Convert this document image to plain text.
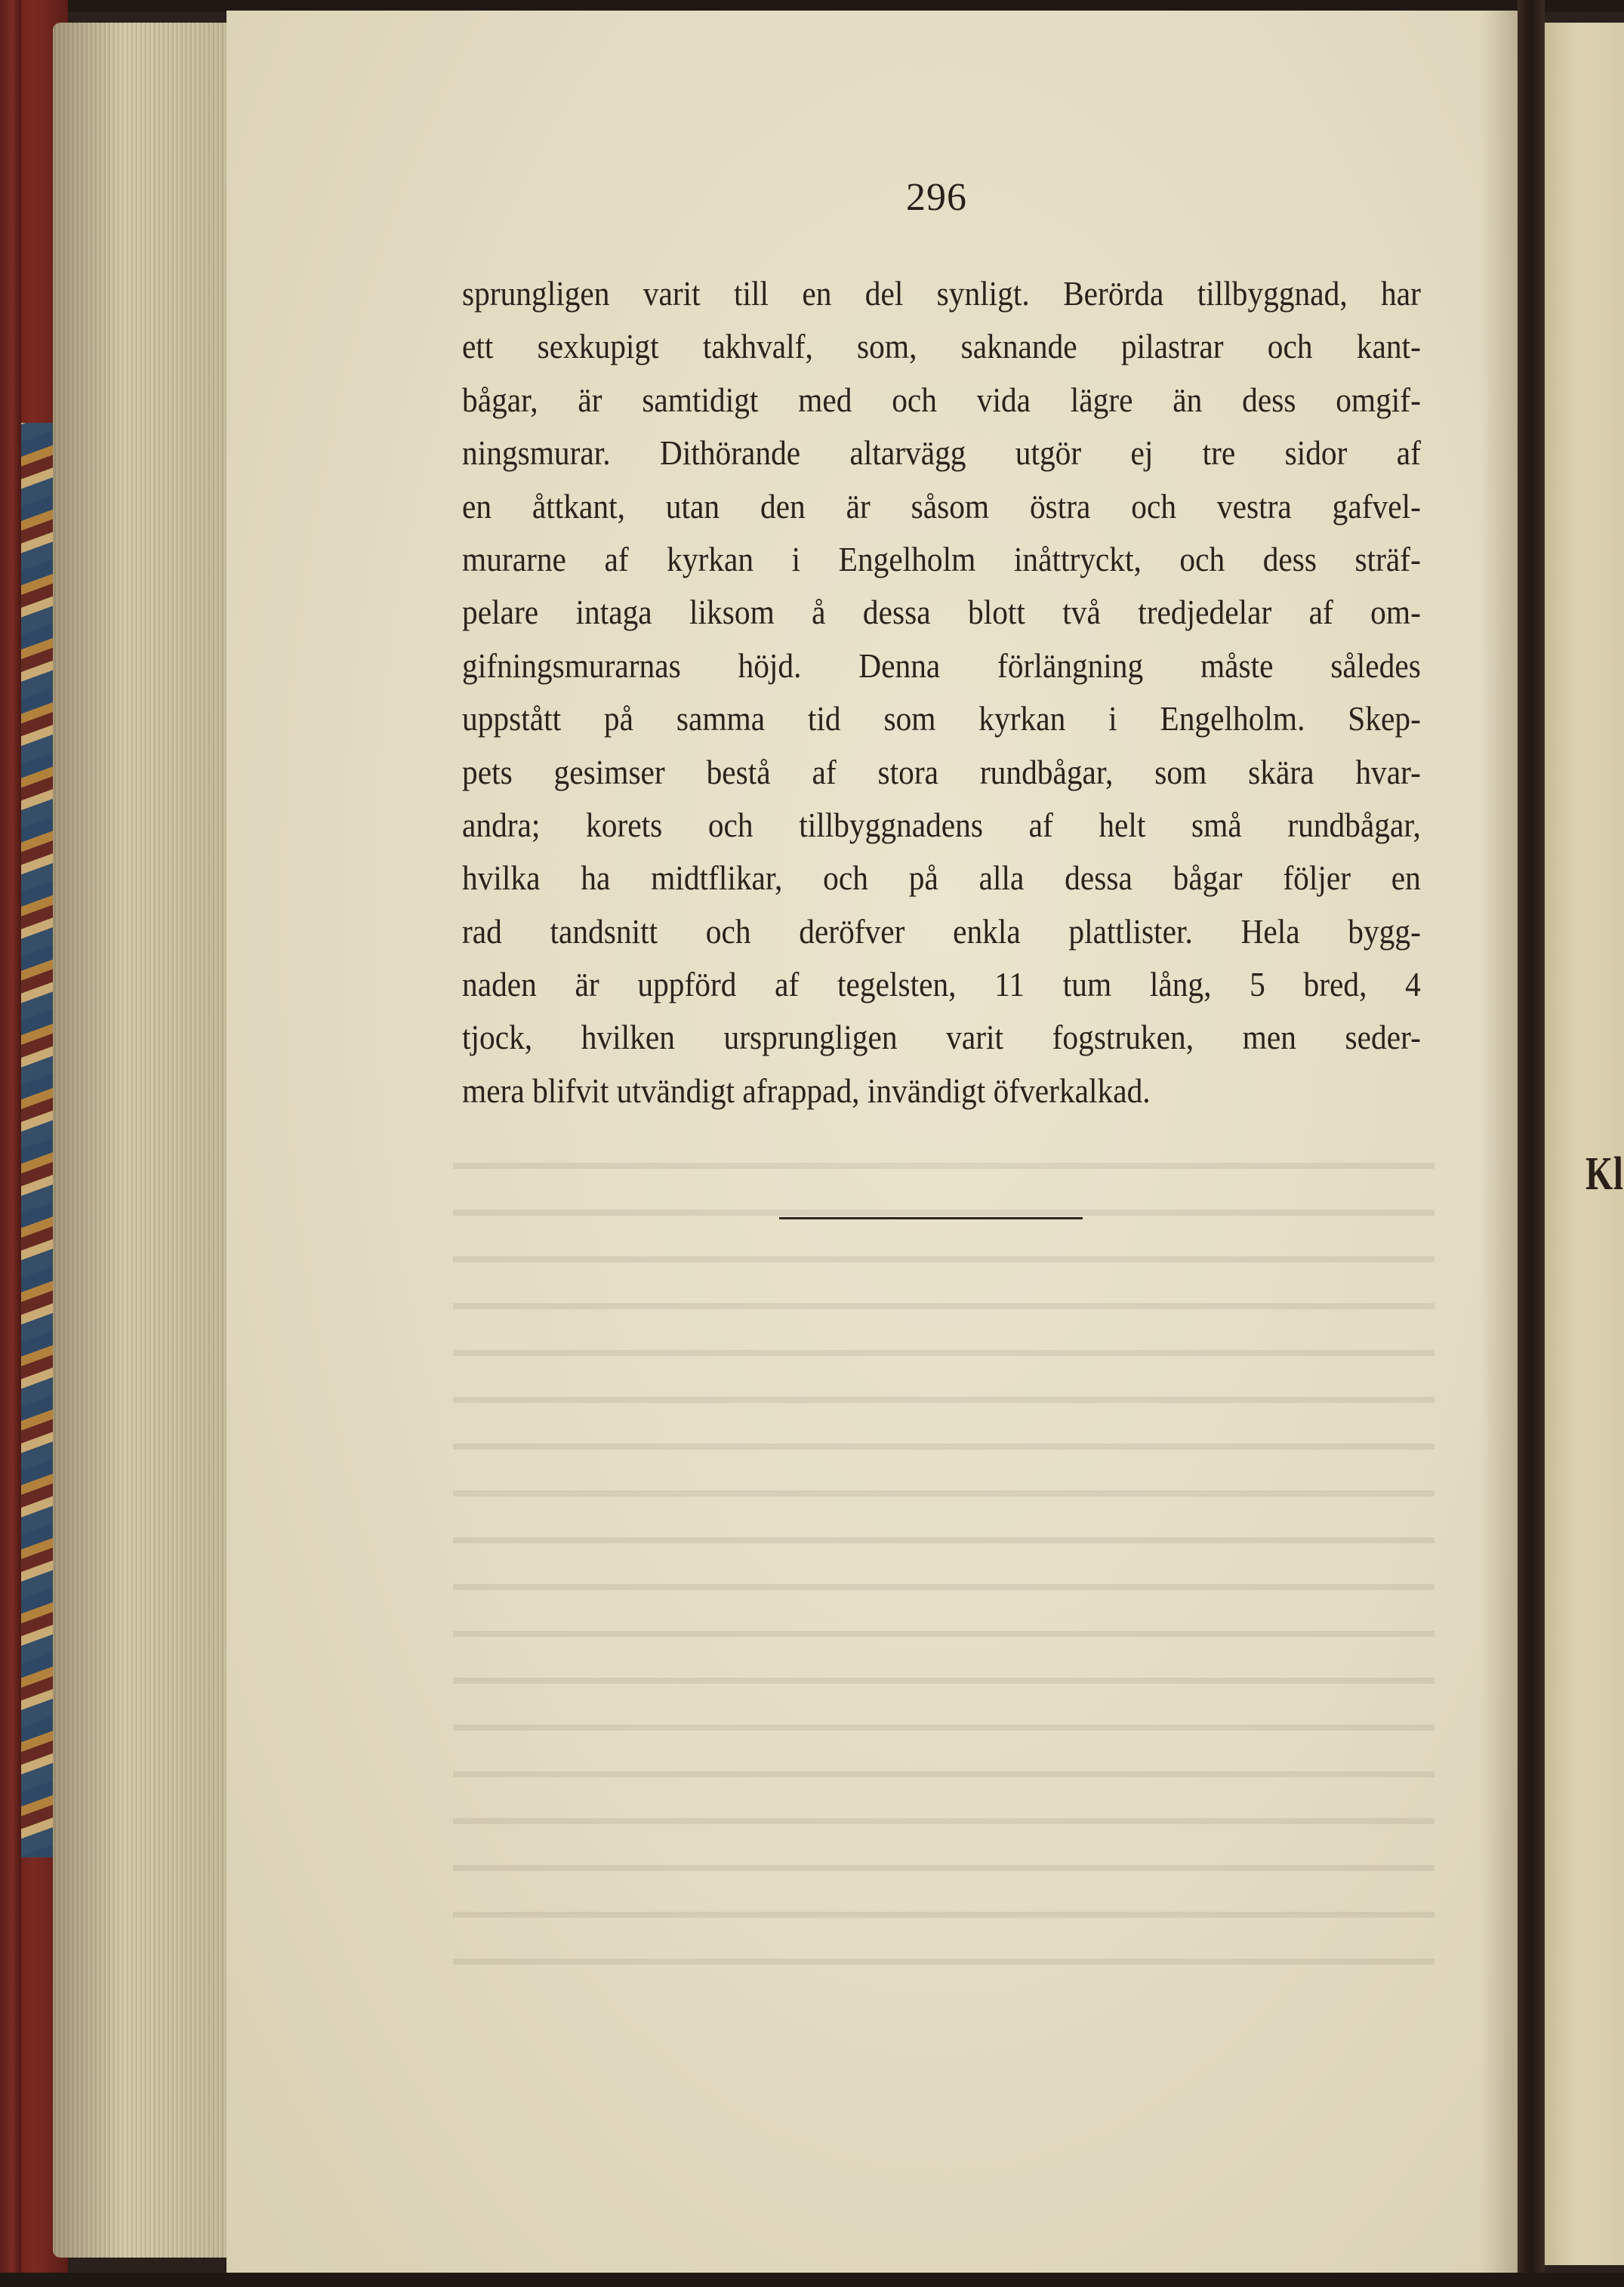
296
sprungligen varit till en del synligt. Berörda tillbyggnad, har
ett sexkupigt takhvalf, som, saknande pilastrar och kant-
bågar, är samtidigt med och vida lägre än dess omgif-
ningsmurar. Dithörande altarvägg utgör ej tre sidor af
en åttkant, utan den är såsom östra och vestra gafvel-
murarne af kyrkan i Engelholm inåttryckt, och dess sträf-
pelare intaga liksom å dessa blott två tredjedelar af om-
gifningsmurarnas höjd. Denna förlängning måste således
uppstått på samma tid som kyrkan i Engelholm. Skep-
pets gesimser bestå af stora rundbågar, som skära hvar-
andra; korets och tillbyggnadens af helt små rundbågar,
hvilka ha midtflikar, och på alla dessa bågar följer en
rad tandsnitt och deröfver enkla plattlister. Hela bygg-
naden är uppförd af tegelsten, 11 tum lång, 5 bred, 4
tjock, hvilken ursprungligen varit fogstruken, men seder-
mera blifvit utvändigt afrappad, invändigt öfverkalkad.
Kl
